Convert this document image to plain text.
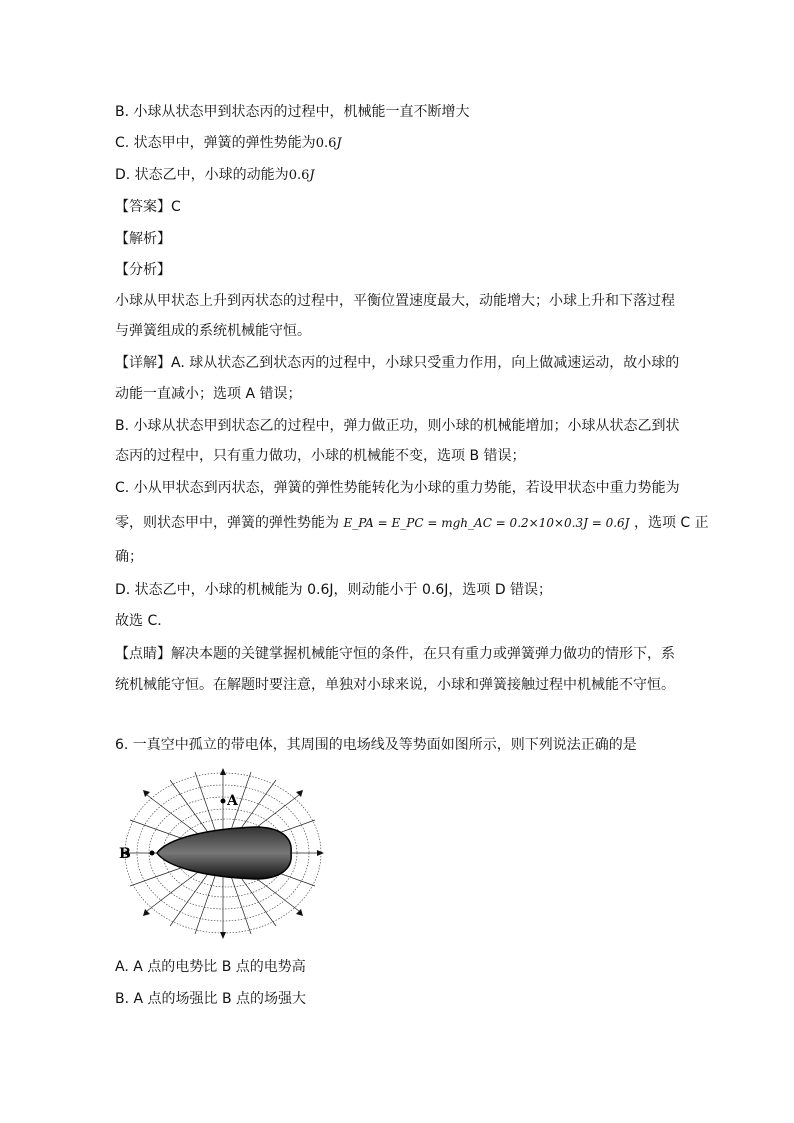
B. 小球从状态甲到状态丙的过程中，机械能一直不断增大
C. 状态甲中，弹簧的弹性势能为0.6J
D. 状态乙中，小球的动能为0.6J
【答案】C
【解析】
【分析】
小球从甲状态上升到丙状态的过程中，平衡位置速度最大，动能增大；小球上升和下落过程
与弹簧组成的系统机械能守恒。
【详解】A. 球从状态乙到状态丙的过程中，小球只受重力作用，向上做减速运动，故小球的
动能一直减小；选项 A 错误；
B. 小球从状态甲到状态乙的过程中，弹力做正功，则小球的机械能增加；小球从状态乙到状
态丙的过程中，只有重力做功，小球的机械能不变，选项 B 错误；
C. 小从甲状态到丙状态，弹簧的弹性势能转化为小球的重力势能，若设甲状态中重力势能为
零，则状态甲中，弹簧的弹性势能为 E_PA = E_PC = mgh_AC = 0.2×10×0.3J = 0.6J ，选项 C 正
确；
D. 状态乙中，小球的机械能为 0.6J，则动能小于 0.6J，选项 D 错误；
故选 C.
【点睛】解决本题的关键掌握机械能守恒的条件，在只有重力或弹簧弹力做功的情形下，系
统机械能守恒。在解题时要注意，单独对小球来说，小球和弹簧接触过程中机械能不守恒。
6. 一真空中孤立的带电体，其周围的电场线及等势面如图所示，则下列说法正确的是
A
B
A. A 点的电势比 B 点的电势高
B. A 点的场强比 B 点的场强大
